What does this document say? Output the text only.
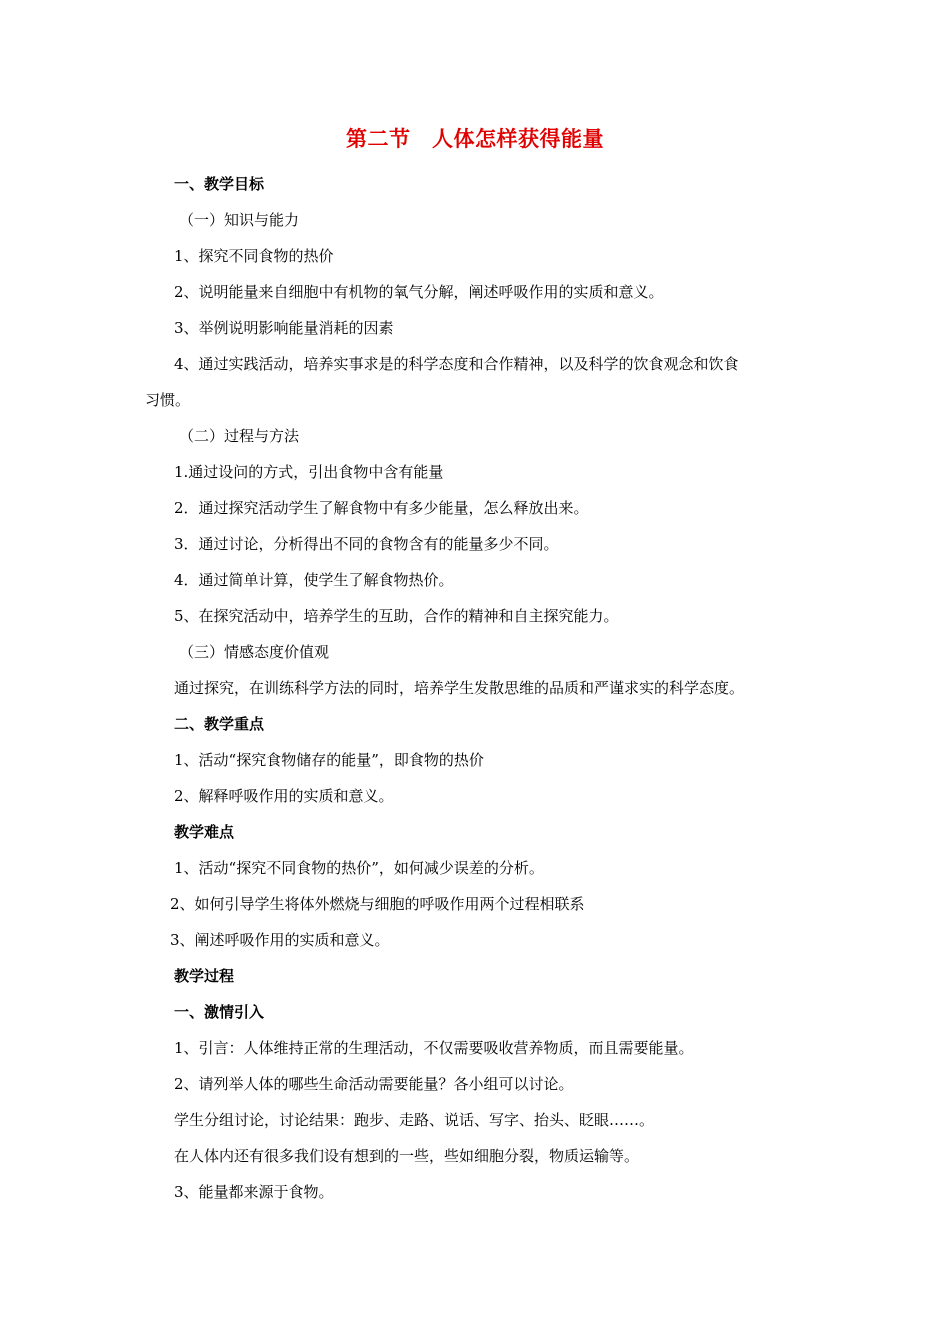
第二节　人体怎样获得能量
一、教学目标
（一）知识与能力
1、探究不同食物的热价
2、说明能量来自细胞中有机物的氧气分解，阐述呼吸作用的实质和意义。
3、举例说明影响能量消耗的因素
4、通过实践活动，培养实事求是的科学态度和合作精神，以及科学的饮食观念和饮食
习惯。
（二）过程与方法
1.通过设问的方式，引出食物中含有能量
2．通过探究活动学生了解食物中有多少能量，怎么释放出来。
3．通过讨论，分析得出不同的食物含有的能量多少不同。
4．通过简单计算，使学生了解食物热价。
5、在探究活动中，培养学生的互助，合作的精神和自主探究能力。
（三）情感态度价值观
通过探究，在训练科学方法的同时，培养学生发散思维的品质和严谨求实的科学态度。
二、教学重点
1、活动“探究食物储存的能量”，即食物的热价
2、解释呼吸作用的实质和意义。
教学难点
1、活动“探究不同食物的热价”，如何减少误差的分析。
2、如何引导学生将体外燃烧与细胞的呼吸作用两个过程相联系
3、阐述呼吸作用的实质和意义。
教学过程
一、激情引入
1、引言：人体维持正常的生理活动，不仅需要吸收营养物质，而且需要能量。
2、请列举人体的哪些生命活动需要能量？各小组可以讨论。
学生分组讨论，讨论结果：跑步、走路、说话、写字、抬头、眨眼……。
在人体内还有很多我们设有想到的一些，些如细胞分裂，物质运输等。
3、能量都来源于食物。
